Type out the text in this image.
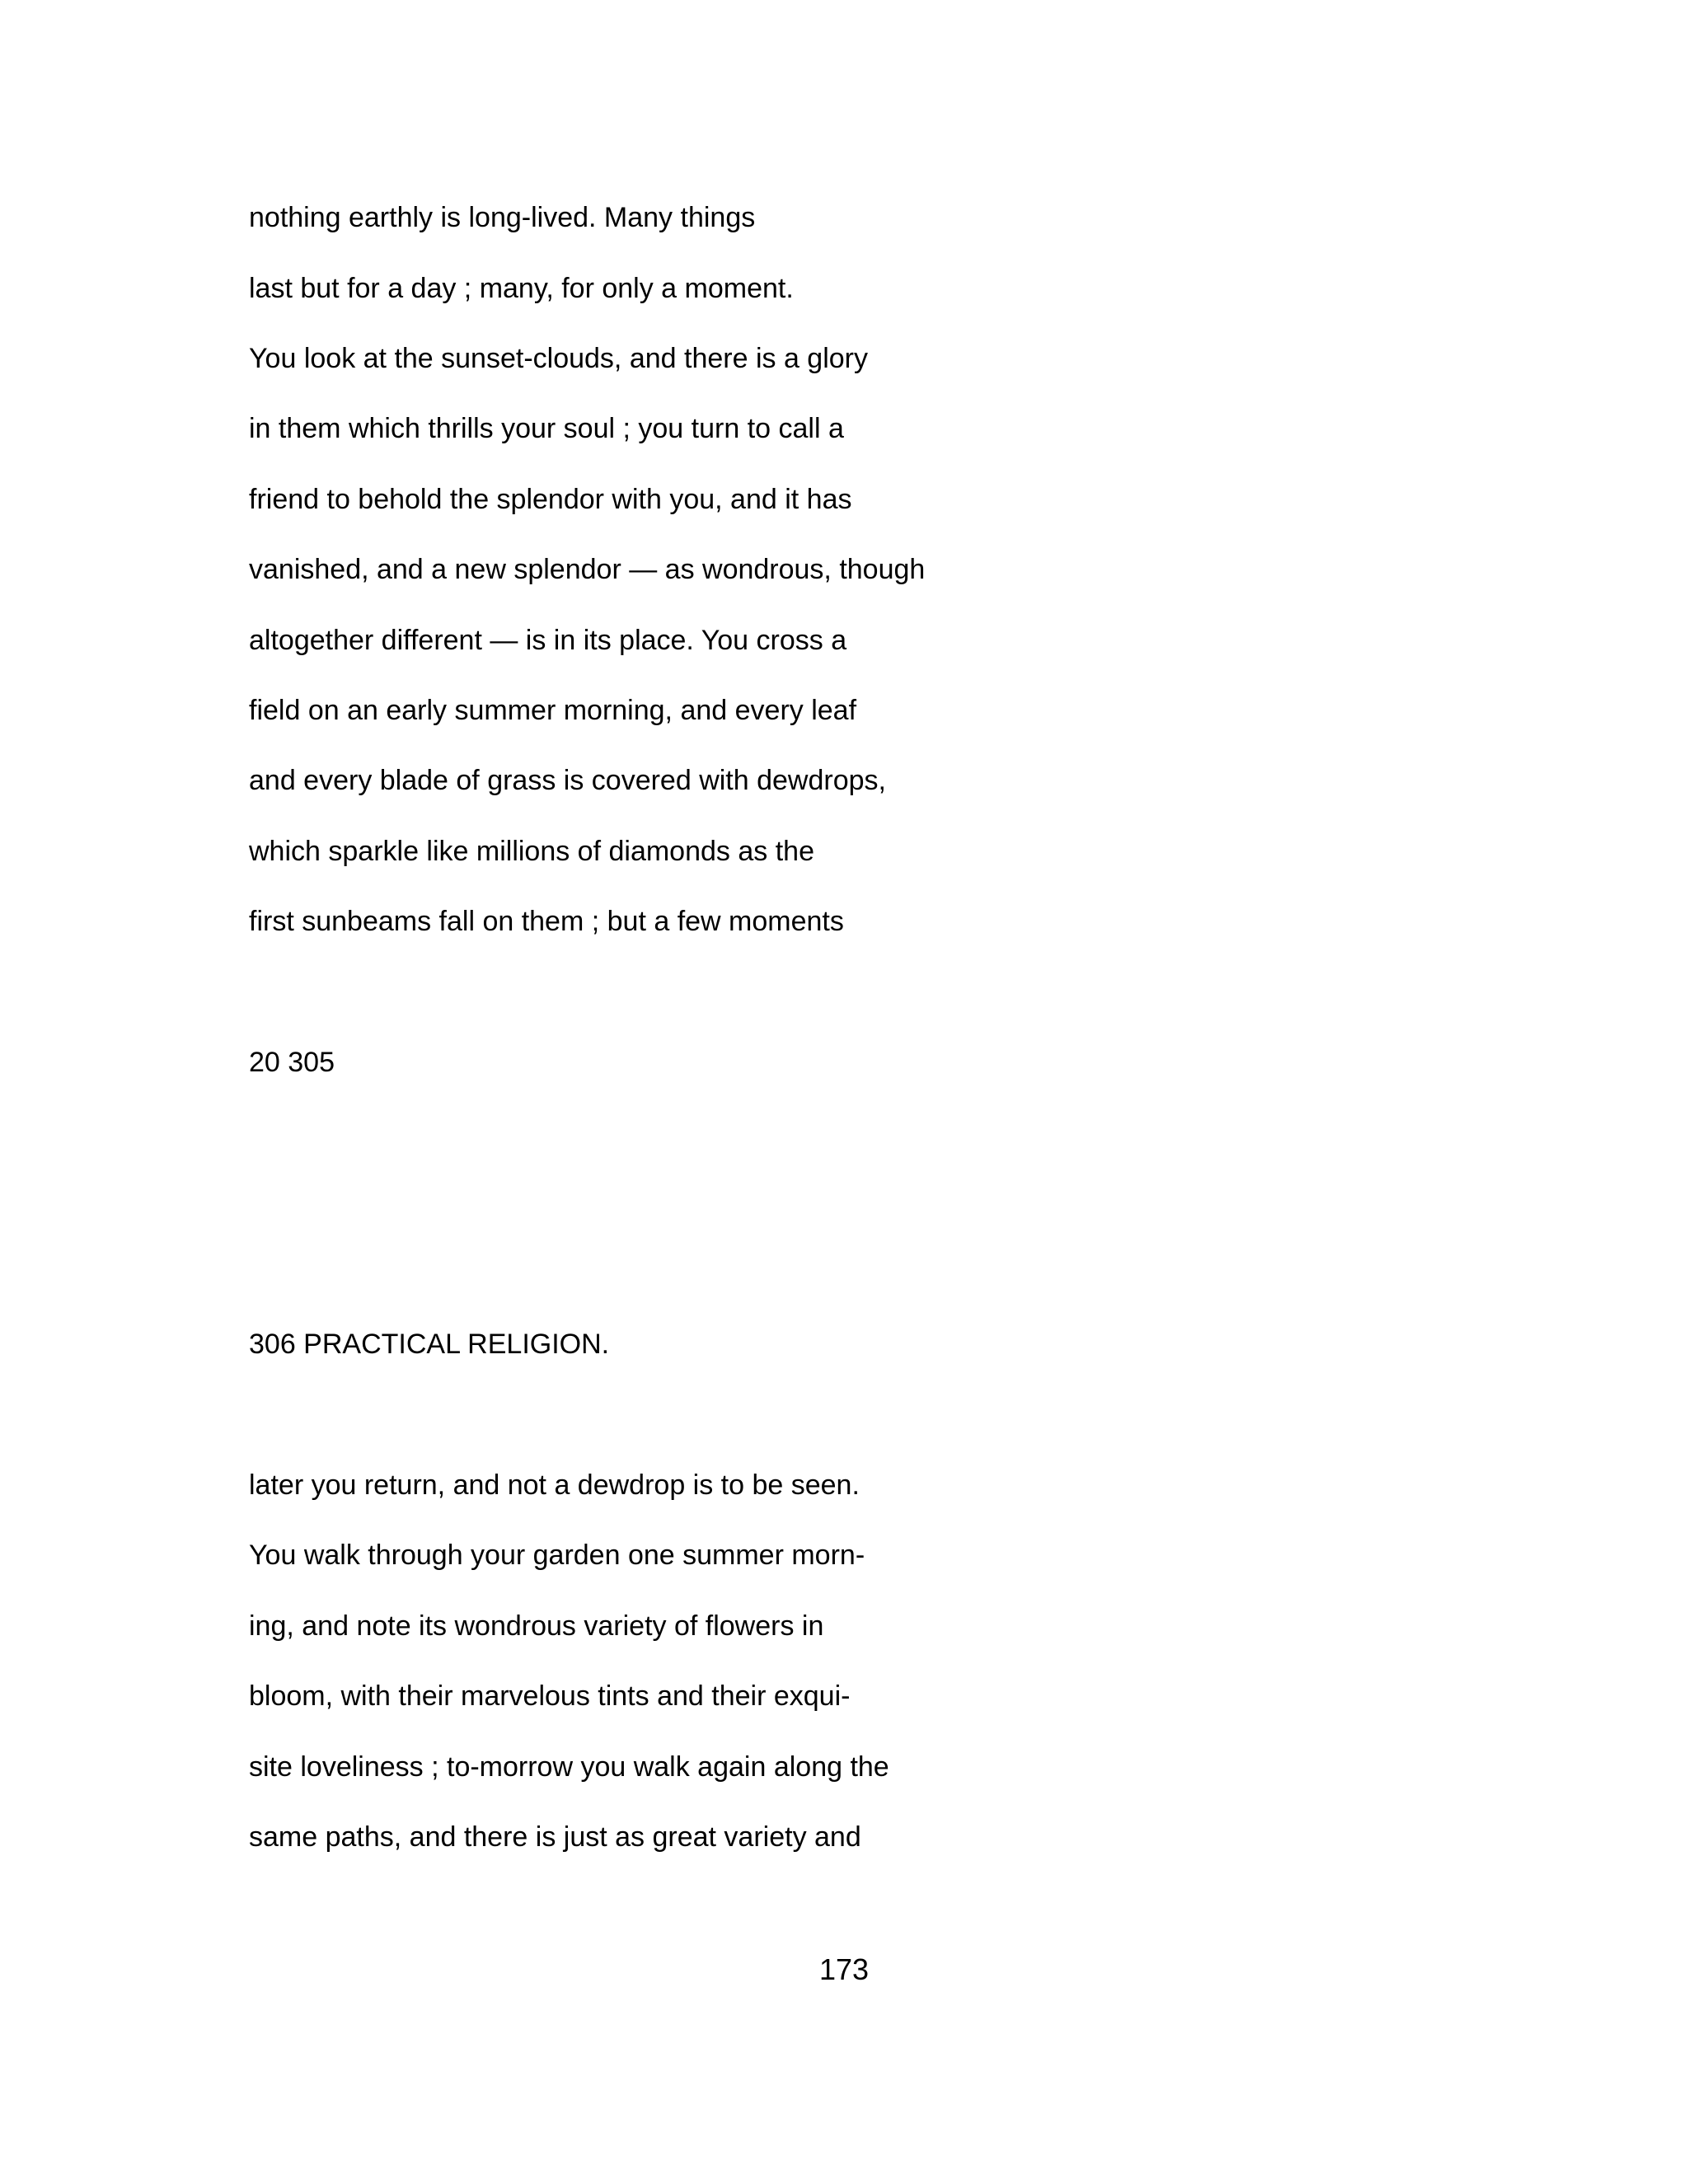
nothing earthly is long-lived. Many things
last but for a day ; many, for only a moment.
You look at the sunset-clouds, and there is a glory
in them which thrills your soul ; you turn to call a
friend to behold the splendor with you, and it has
vanished, and a new splendor — as wondrous, though
altogether different — is in its place. You cross a
field on an early summer morning, and every leaf
and every blade of grass is covered with dewdrops,
which sparkle like millions of diamonds as the
first sunbeams fall on them ; but a few moments
20 305
306 PRACTICAL RELIGION.
later you return, and not a dewdrop is to be seen.
You walk through your garden one summer morn-
ing, and note its wondrous variety of flowers in
bloom, with their marvelous tints and their exqui-
site loveliness ; to-morrow you walk again along the
same paths, and there is just as great variety and
173
